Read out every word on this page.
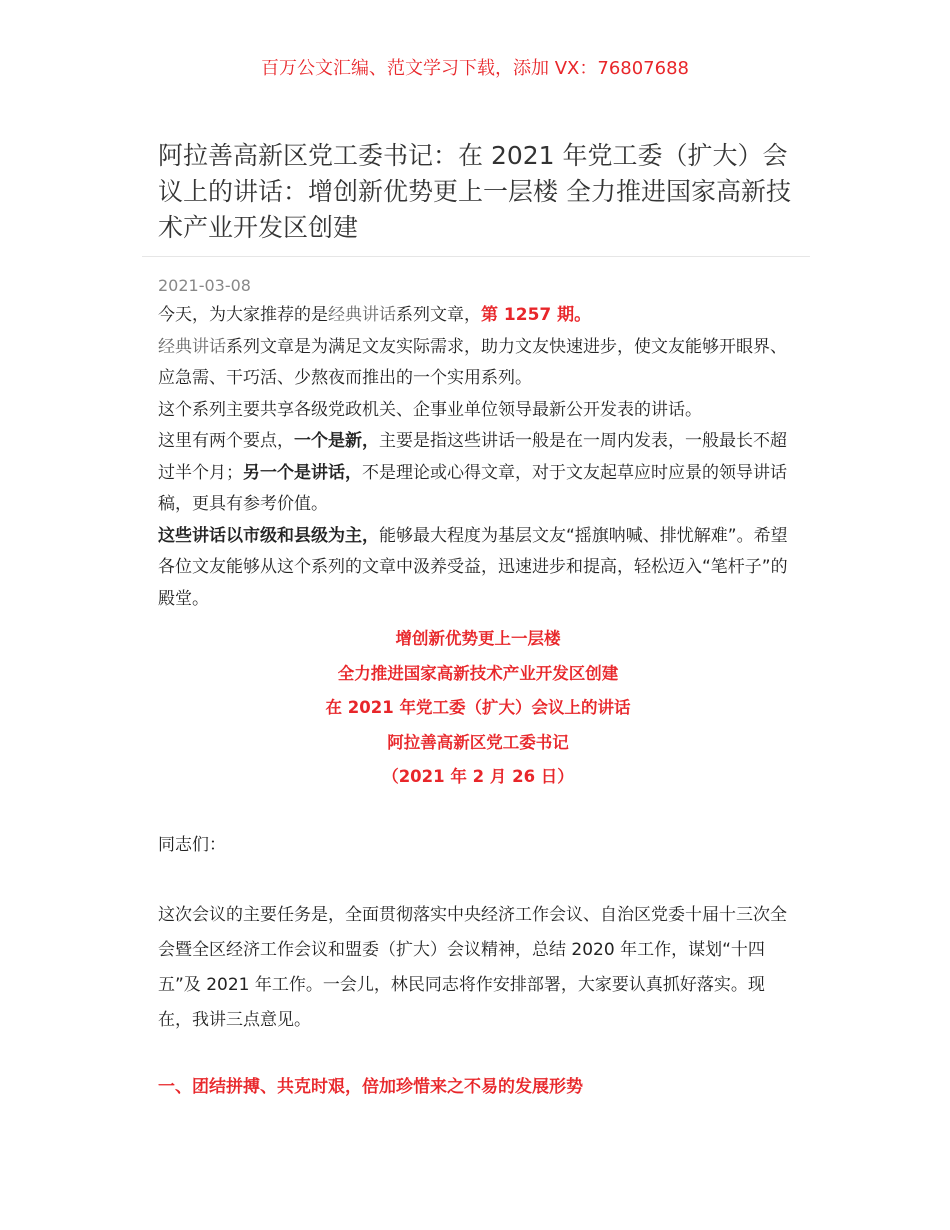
百万公文汇编、范文学习下载，添加 VX：76807688
阿拉善高新区党工委书记：在 2021 年党工委（扩大）会议上的讲话：增创新优势更上一层楼 全力推进国家高新技术产业开发区创建
2021-03-08

今天，为大家推荐的是经典讲话系列文章，第 1257 期。

经典讲话系列文章是为满足文友实际需求，助力文友快速进步，使文友能够开眼界、应急需、干巧活、少熬夜而推出的一个实用系列。

这个系列主要共享各级党政机关、企事业单位领导最新公开发表的讲话。

这里有两个要点，一个是新，主要是指这些讲话一般是在一周内发表，一般最长不超过半个月；另一个是讲话，不是理论或心得文章，对于文友起草应时应景的领导讲话稿，更具有参考价值。

这些讲话以市级和县级为主，能够最大程度为基层文友“摇旗呐喊、排忧解难”。希望各位文友能够从这个系列的文章中汲养受益，迅速进步和提高，轻松迈入“笔杆子”的殿堂。

增创新优势更上一层楼
全力推进国家高新技术产业开发区创建
在 2021 年党工委（扩大）会议上的讲话
阿拉善高新区党工委书记
（2021 年 2 月 26 日）
同志们：

这次会议的主要任务是，全面贯彻落实中央经济工作会议、自治区党委十届十三次全会暨全区经济工作会议和盟委（扩大）会议精神，总结 2020 年工作，谋划“十四五”及 2021 年工作。一会儿，林民同志将作安排部署，大家要认真抓好落实。现在，我讲三点意见。

一、团结拼搏、共克时艰，倍加珍惜来之不易的发展形势
